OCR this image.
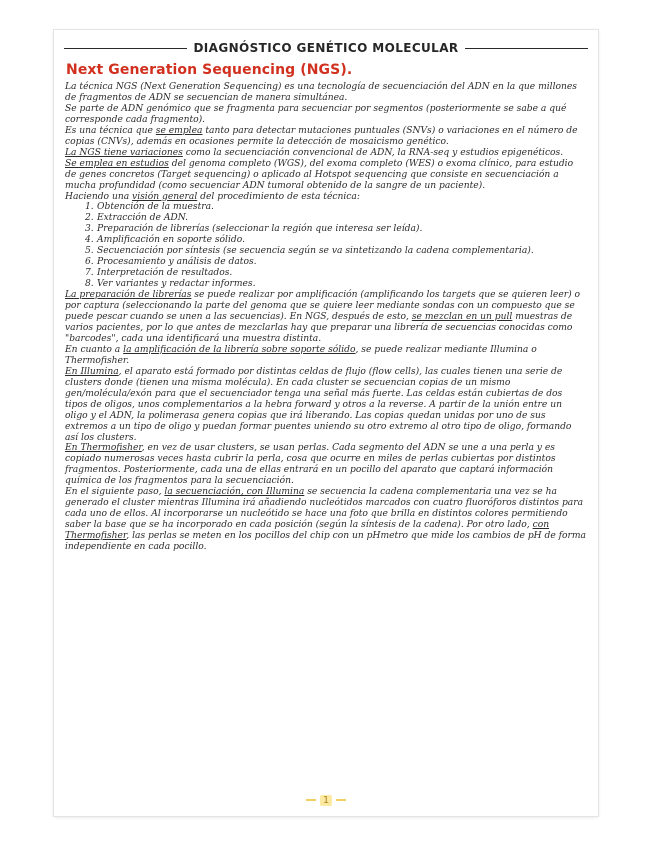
DIAGNÓSTICO GENÉTICO MOLECULAR
Next Generation Sequencing (NGS).

La técnica NGS (Next Generation Sequencing) es una tecnología de secuenciación del ADN en la que millones de fragmentos de ADN se secuencian de manera simultánea.

Se parte de ADN genómico que se fragmenta para secuenciar por segmentos (posteriormente se sabe a qué corresponde cada fragmento).

Es una técnica que se emplea tanto para detectar mutaciones puntuales (SNVs) o variaciones en el número de copias (CNVs), además en ocasiones permite la detección de mosaicismo genético.

La NGS tiene variaciones como la secuenciación convencional de ADN, la RNA-seq y estudios epigenéticos.

Se emplea en estudios del genoma completo (WGS), del exoma completo (WES) o exoma clínico, para estudio de genes concretos (Target sequencing) o aplicado al Hotspot sequencing que consiste en secuenciación a mucha profundidad (como secuenciar ADN tumoral obtenido de la sangre de un paciente).

Haciendo una visión general del procedimiento de esta técnica:

1. Obtención de la muestra.
2. Extracción de ADN.
3. Preparación de librerías (seleccionar la región que interesa ser leída).
4. Amplificación en soporte sólido.
5. Secuenciación por síntesis (se secuencia según se va sintetizando la cadena complementaria).
6. Procesamiento y análisis de datos.
7. Interpretación de resultados.
8. Ver variantes y redactar informes.

La preparación de librerías se puede realizar por amplificación (amplificando los targets que se quieren leer) o por captura (seleccionando la parte del genoma que se quiere leer mediante sondas con un compuesto que se puede pescar cuando se unen a las secuencias). En NGS, después de esto, se mezclan en un pull muestras de varios pacientes, por lo que antes de mezclarlas hay que preparar una librería de secuencias conocidas como "barcodes", cada una identificará una muestra distinta.

En cuanto a la amplificación de la librería sobre soporte sólido, se puede realizar mediante Illumina o Thermofisher.

En Illumina, el aparato está formado por distintas celdas de flujo (flow cells), las cuales tienen una serie de clusters donde (tienen una misma molécula). En cada cluster se secuencian copias de un mismo gen/molécula/exón para que el secuenciador tenga una señal más fuerte. Las celdas están cubiertas de dos tipos de oligos, unos complementarios a la hebra forward y otros a la reverse. A partir de la unión entre un oligo y el ADN, la polimerasa genera copias que irá liberando. Las copias quedan unidas por uno de sus extremos a un tipo de oligo y puedan formar puentes uniendo su otro extremo al otro tipo de oligo, formando así los clusters.

En Thermofisher, en vez de usar clusters, se usan perlas. Cada segmento del ADN se une a una perla y es copiado numerosas veces hasta cubrir la perla, cosa que ocurre en miles de perlas cubiertas por distintos fragmentos. Posteriormente, cada una de ellas entrará en un pocillo del aparato que captará información química de los fragmentos para la secuenciación.

En el siguiente paso, la secuenciación, con Illumina se secuencia la cadena complementaria una vez se ha generado el cluster mientras Illumina irá añadiendo nucleótidos marcados con cuatro fluoróforos distintos para cada uno de ellos. Al incorporarse un nucleótido se hace una foto que brilla en distintos colores permitiendo saber la base que se ha incorporado en cada posición (según la síntesis de la cadena). Por otro lado, con Thermofisher, las perlas se meten en los pocillos del chip con un pHmetro que mide los cambios de pH de forma independiente en cada pocillo.

1
